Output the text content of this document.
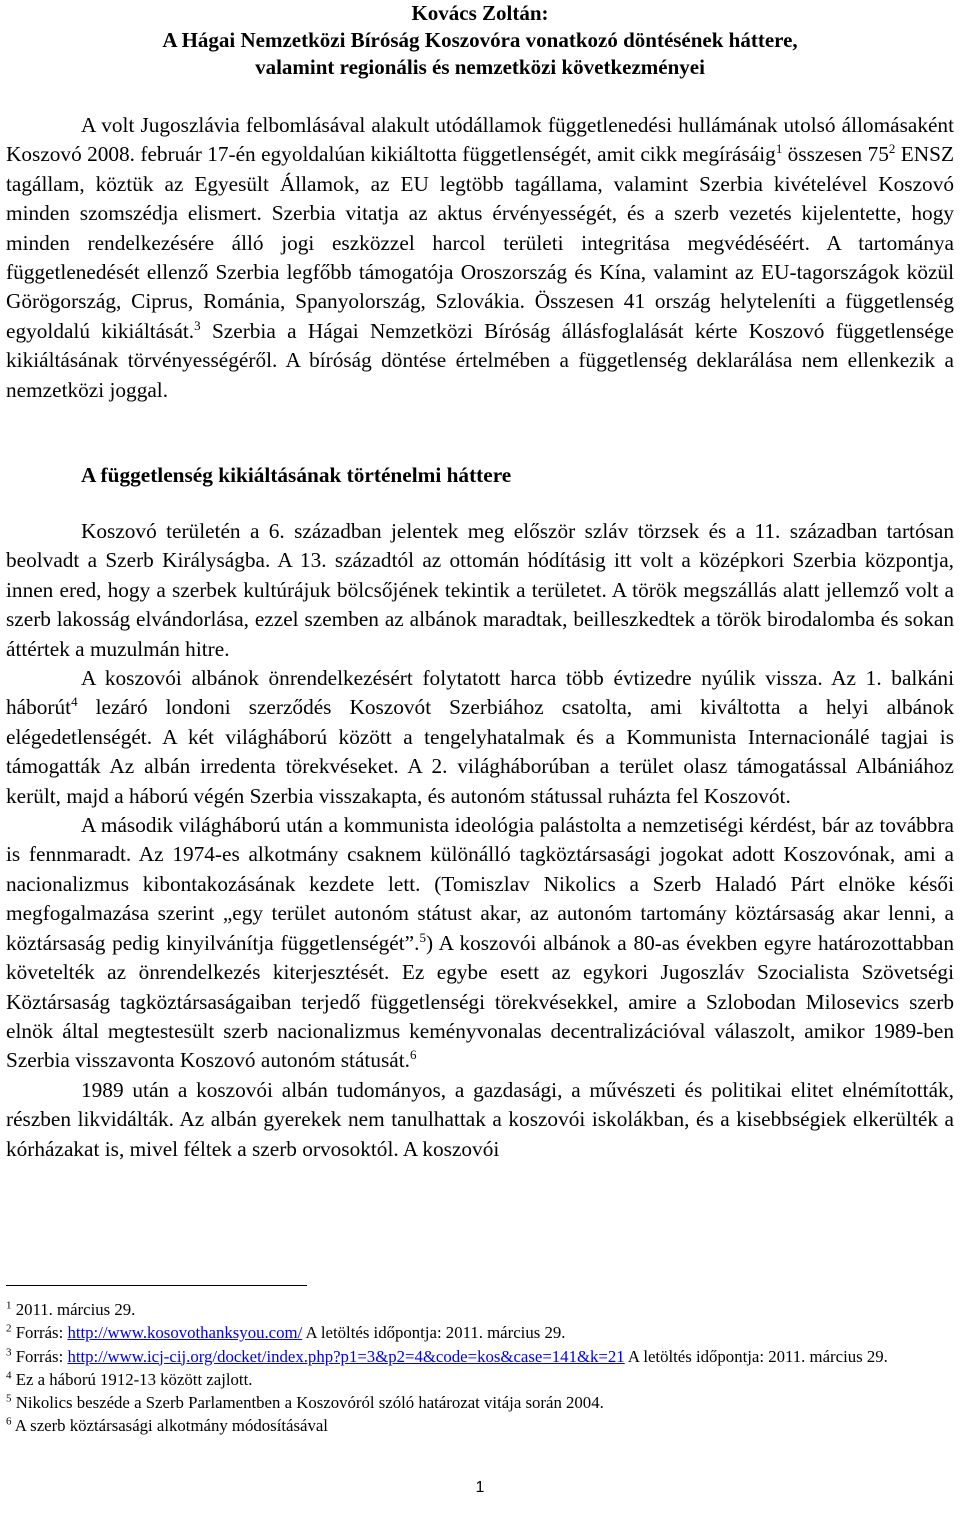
Kovács Zoltán:
A Hágai Nemzetközi Bíróság Koszovóra vonatkozó döntésének háttere,
valamint regionális és nemzetközi következményei

A volt Jugoszlávia felbomlásával alakult utódállamok függetlenedési hullámának utolsó állomásaként Koszovó 2008. február 17-én egyoldalúan kikiáltotta függetlenségét, amit cikk megírásáig$^1$ összesen $75^2$ ENSZ tagállam, köztük az Egyesült Államok, az EU legtöbb tagállama, valamint Szerbia kivételével Koszovó minden szomszédja elismert. Szerbia vitatja az aktus érvényességét, és a szerb vezetés kijelentette, hogy minden rendelkezésére álló jogi eszközzel harcol területi integritása megvédéséért. A tartománya függetlenedését ellenző Szerbia legfőbb támogatója Oroszország és Kína, valamint az EU-tagországok közül Görögország, Ciprus, Románia, Spanyolország, Szlovákia. Összesen 41 ország helyteleníti a függetlenség egyoldalú kikiáltását.$^3$ Szerbia a Hágai Nemzetközi Bíróság állásfoglalását kérte Koszovó függetlensége kikiáltásának törvényességéről. A bíróság döntése értelmében a függetlenség deklarálása nem ellenkezik a nemzetközi joggal.

A függetlenség kikiáltásának történelmi háttere

Koszovó területén a 6. században jelentek meg először szláv törzsek és a 11. században tartósan beolvadt a Szerb Királyságba. A 13. századtól az ottomán hódításig itt volt a középkori Szerbia központja, innen ered, hogy a szerbek kultúrájuk bölcsőjének tekintik a területet. A török megszállás alatt jellemző volt a szerb lakosság elvándorlása, ezzel szemben az albánok maradtak, beilleszkedtek a török birodalomba és sokan áttértek a muzulmán hitre.

A koszovói albánok önrendelkezésért folytatott harca több évtizedre nyúlik vissza. Az 1. balkáni háborút$^4$ lezáró londoni szerződés Koszovót Szerbiához csatolta, ami kiváltotta a helyi albánok elégedetlenségét. A két világháború között a tengelyhatalmak és a Kommunista Internacionálé tagjai is támogatták Az albán irredenta törekvéseket. A 2. világháborúban a terület olasz támogatással Albániához került, majd a háború végén Szerbia visszakapta, és autonóm státussal ruházta fel Koszovót.

A második világháború után a kommunista ideológia palástolta a nemzetiségi kérdést, bár az továbbra is fennmaradt. Az 1974-es alkotmány csaknem különálló tagköztársasági jogokat adott Koszovónak, ami a nacionalizmus kibontakozásának kezdete lett. (Tomiszlav Nikolics a Szerb Haladó Párt elnöke késői megfogalmazása szerint „egy terület autonóm státust akar, az autonóm tartomány köztársaság akar lenni, a köztársaság pedig kinyilvánítja függetlenségét”.$^5$) A koszovói albánok a 80-as években egyre határozottabban követelték az önrendelkezés kiterjesztését. Ez egybe esett az egykori Jugoszláv Szocialista Szövetségi Köztársaság tagköztársaságaiban terjedő függetlenségi törekvésekkel, amire a Szlobodan Milosevics szerb elnök által megtestesült szerb nacionalizmus keményvonalas decentralizációval válaszolt, amikor 1989-ben Szerbia visszavonta Koszovó autonóm státusát.$^6$

1989 után a koszovói albán tudományos, a gazdasági, a művészeti és politikai elitet elnémították, részben likvidálták. Az albán gyerekek nem tanulhattak a koszovói iskolákban, és a kisebbségiek elkerülték a kórházakat is, mivel féltek a szerb orvosoktól. A koszovói

$^1$ 2011. március 29.

$^2$ Forrás: http://www.kosovothanksyou.com/ A letöltés időpontja: 2011. március 29.

$^3$ Forrás: http://www.icj-cij.org/docket/index.php?p1=3&p2=4&code=kos&case=141&k=21 A letöltés időpontja: 2011. március 29.

$^4$ Ez a háború 1912-13 között zajlott.

$^5$ Nikolics beszéde a Szerb Parlamentben a Koszovóról szóló határozat vitája során 2004.

$^6$ A szerb köztársasági alkotmány módosításával

1
